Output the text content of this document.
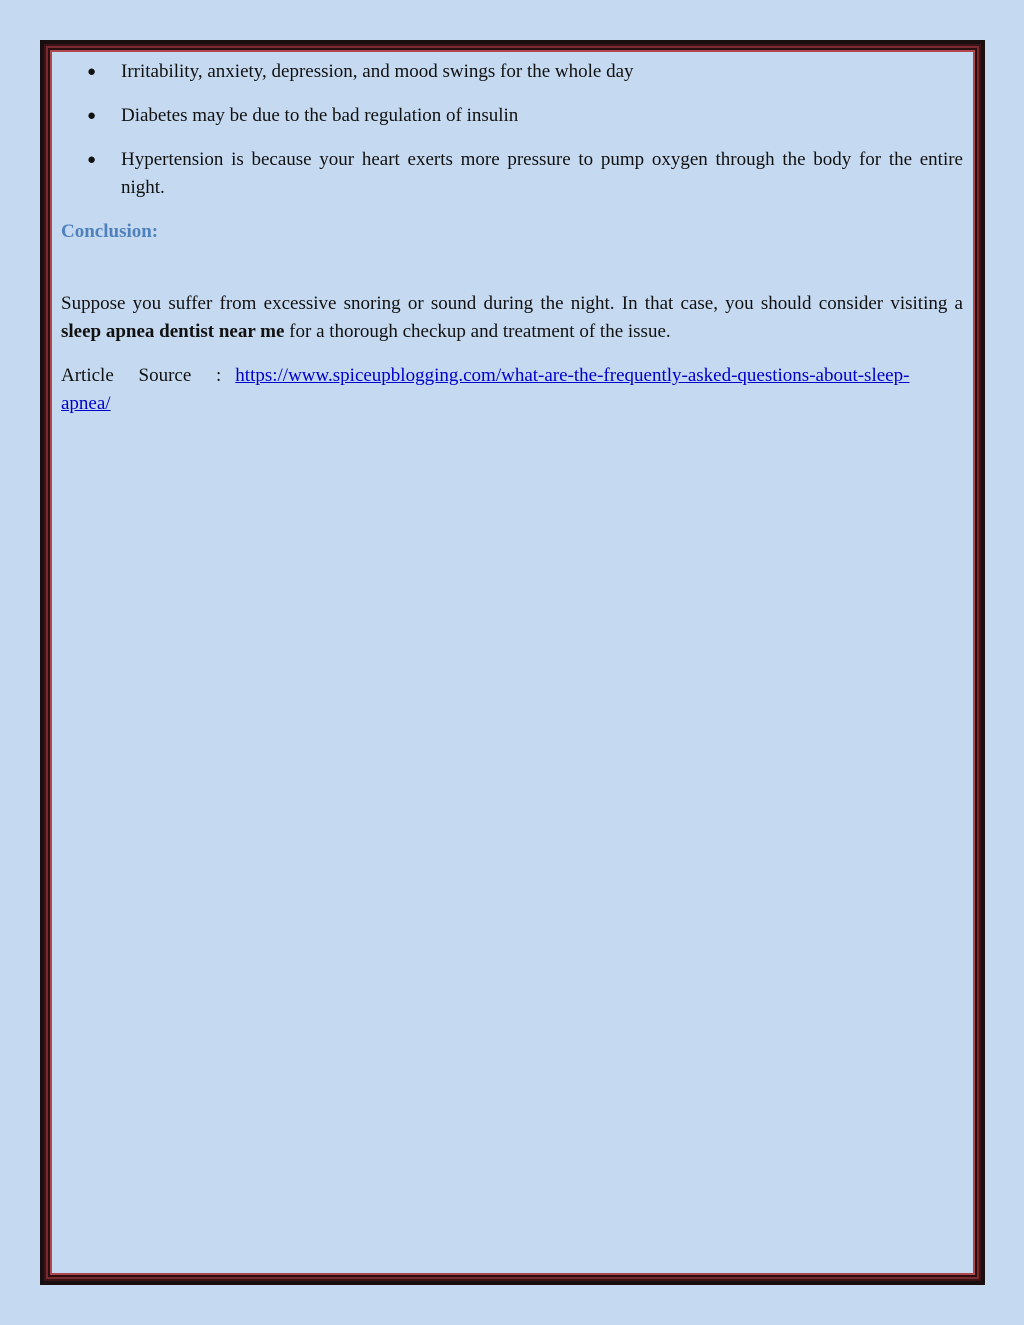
● Irritability, anxiety, depression, and mood swings for the whole day
● Diabetes may be due to the bad regulation of insulin
● Hypertension is because your heart exerts more pressure to pump oxygen through the body for the entire night.
Conclusion:

Suppose you suffer from excessive snoring or sound during the night. In that case, you should consider visiting a sleep apnea dentist near me for a thorough checkup and treatment of the issue.

Article Source : https://www.spiceupblogging.com/what-are-the-frequently-asked-questions-about-sleep-
apnea/
